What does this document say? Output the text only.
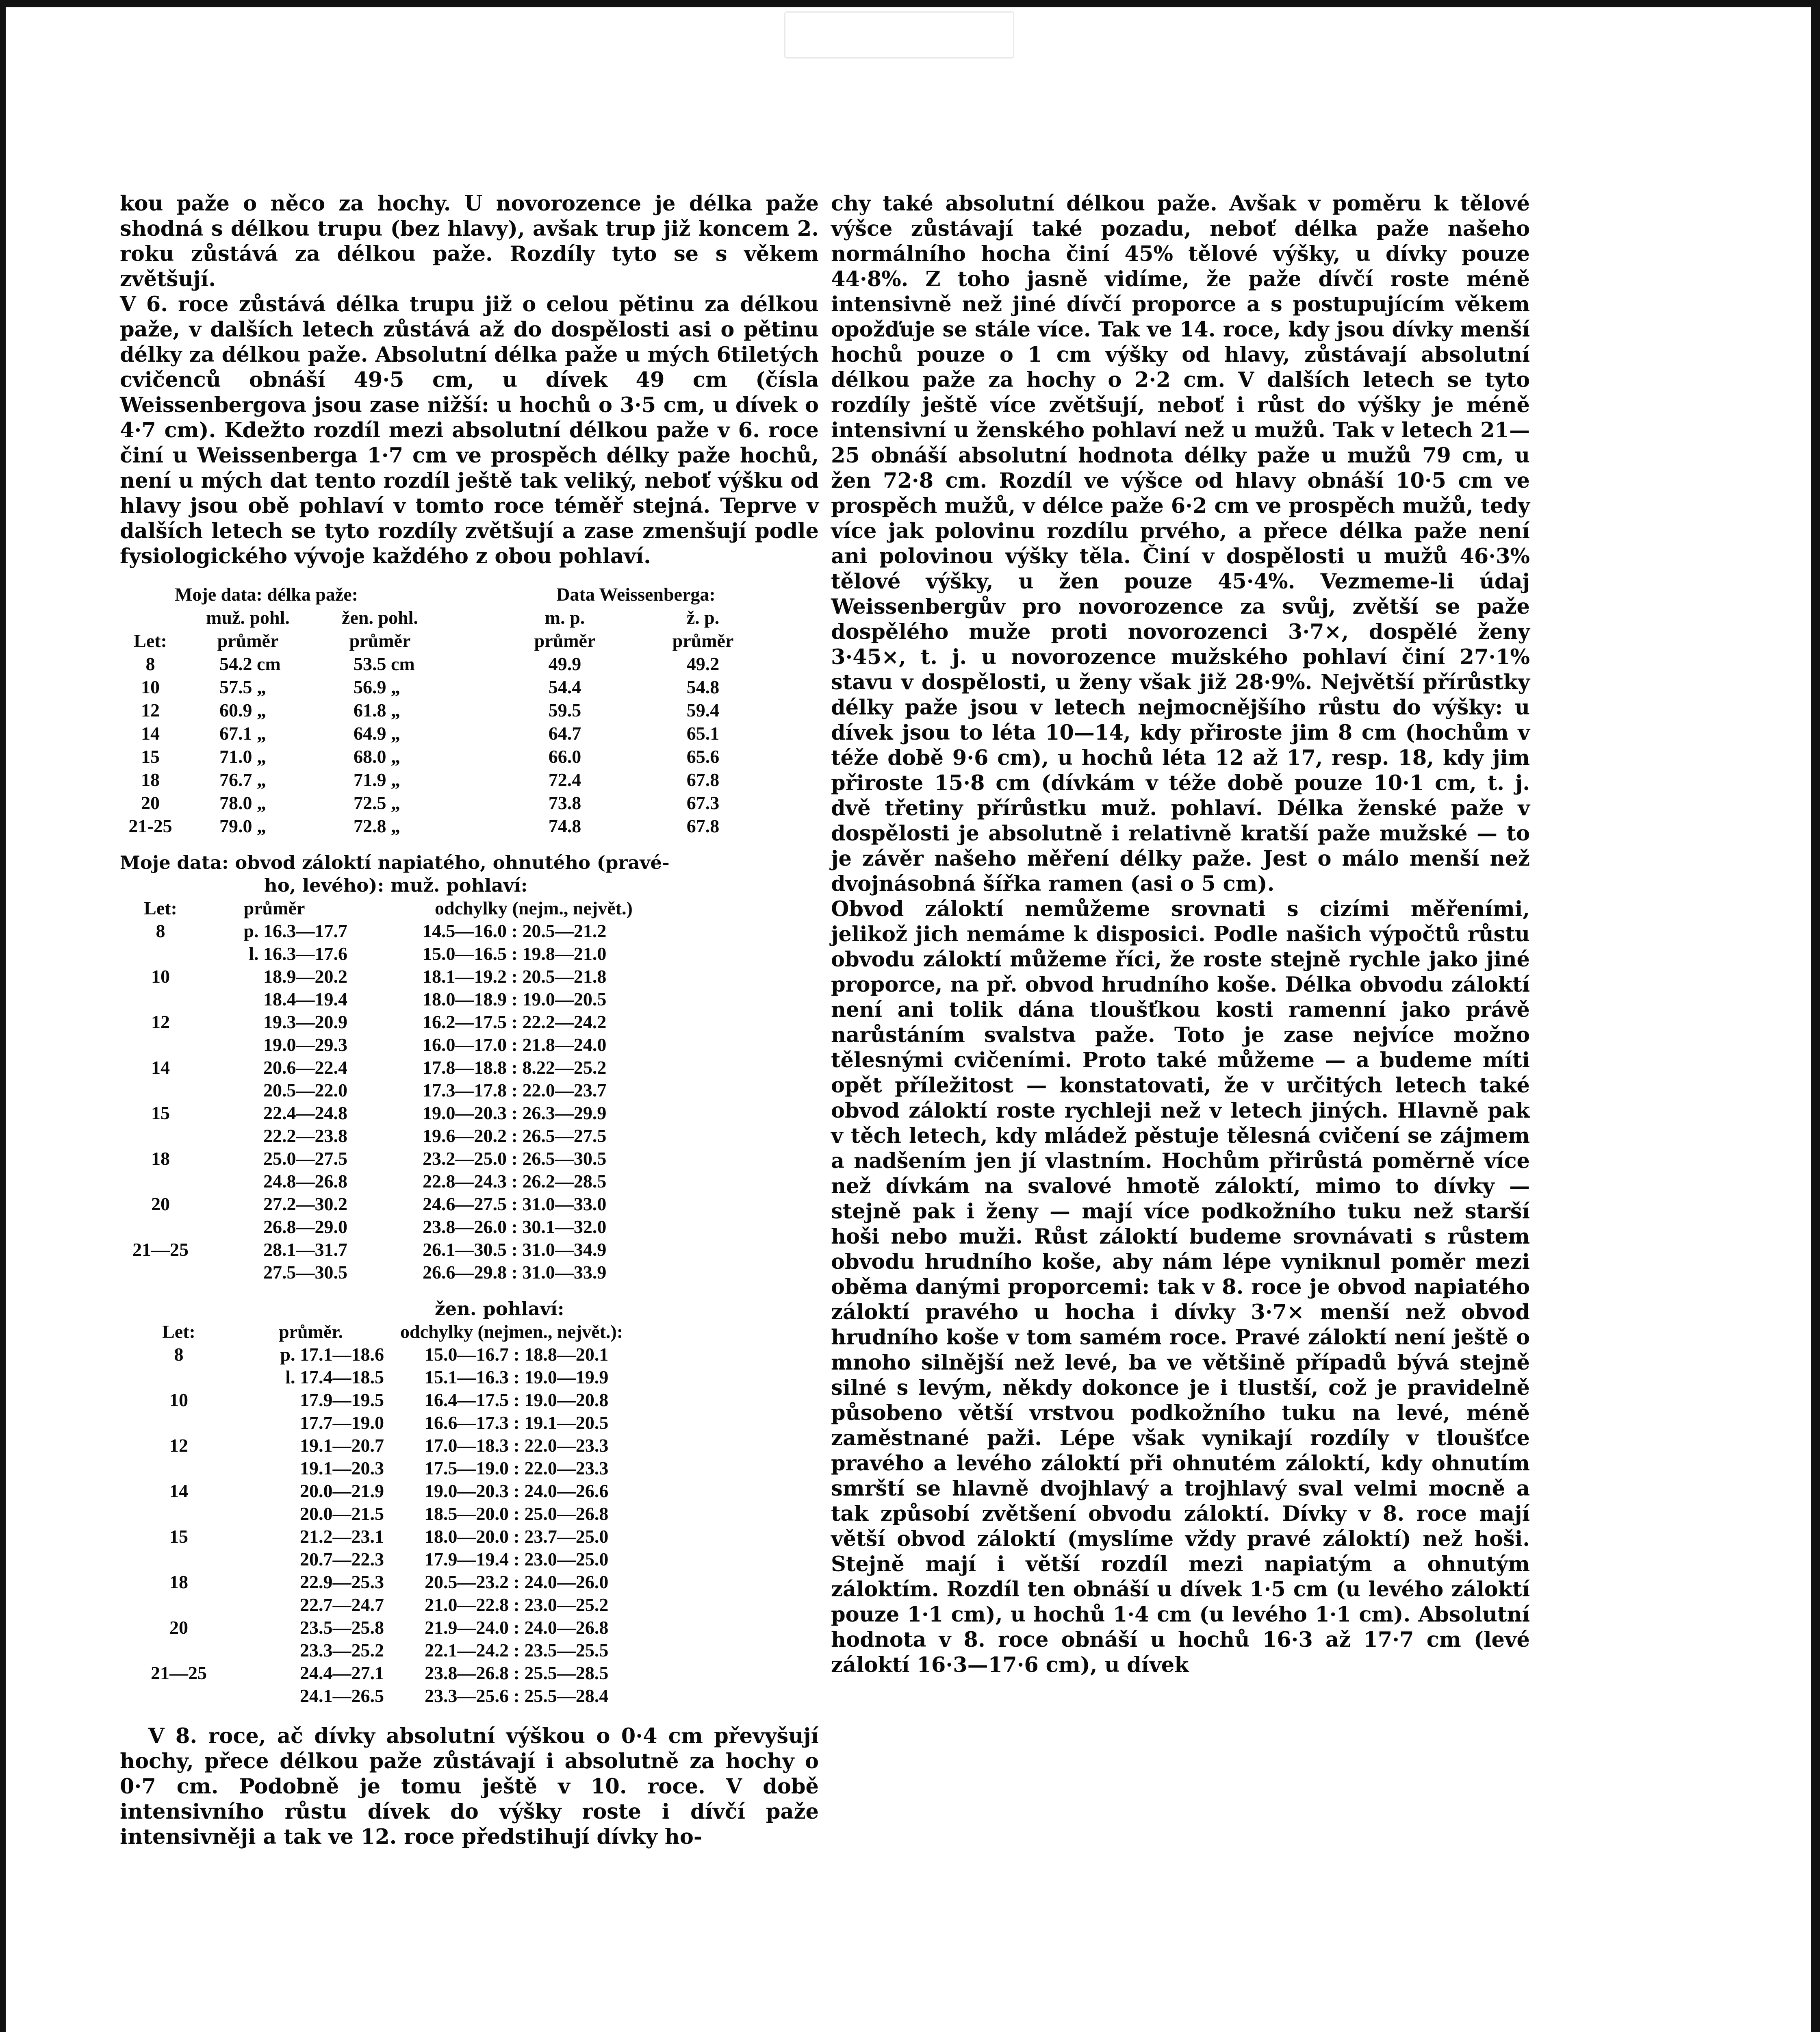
kou paže o něco za hochy. U novorozence je délka paže shodná s délkou trupu (bez hlavy), avšak trup již koncem 2. roku zůstává za délkou paže. Rozdíly tyto se s věkem zvětšují.

V 6. roce zůstává délka trupu již o celou pětinu za délkou paže, v dalších letech zůstává až do dospělosti asi o pětinu délky za délkou paže. Absolutní délka paže u mých 6tiletých cvičenců obnáší 49·5 cm, u dívek 49 cm (čísla Weissenbergova jsou zase nižší: u hochů o 3·5 cm, u dívek o 4·7 cm). Kdežto rozdíl mezi absolutní délkou paže v 6. roce činí u Weissenberga 1·7 cm ve prospěch délky paže hochů, není u mých dat tento rozdíl ještě tak veliký, neboť výšku od hlavy jsou obě pohlaví v tomto roce téměř stejná. Teprve v dalších letech se tyto rozdíly zvětšují a zase zmenšují podle fysiologického vývoje každého z obou pohlaví.

Moje data: délka paže:				Data Weissenberga:	
	muž. pohl.	žen. pohl.		m. p.	ž. p.
Let:	průměr	průměr		průměr	průměr
8	54.2 cm	53.5 cm		49.9	49.2
10	57.5 „	56.9 „		54.4	54.8
12	60.9 „	61.8 „		59.5	59.4
14	67.1 „	64.9 „		64.7	65.1
15	71.0 „	68.0 „		66.0	65.6
18	76.7 „	71.9 „		72.4	67.8
20	78.0 „	72.5 „		73.8	67.3
21-25	79.0 „	72.8 „		74.8	67.8
Moje data: obvod záloktí napiatého, ohnutého (pravé-
ho, levého): muž. pohlaví:
Let:	průměr		odchylky (nejm., největ.)
8	p. 16.3—17.7		14.5—16.0 : 20.5—21.2
	l. 16.3—17.6		15.0—16.5 : 19.8—21.0
10	18.9—20.2		18.1—19.2 : 20.5—21.8
	18.4—19.4		18.0—18.9 : 19.0—20.5
12	19.3—20.9		16.2—17.5 : 22.2—24.2
	19.0—29.3		16.0—17.0 : 21.8—24.0
14	20.6—22.4		17.8—18.8 : 8.22—25.2
	20.5—22.0		17.3—17.8 : 22.0—23.7
15	22.4—24.8		19.0—20.3 : 26.3—29.9
	22.2—23.8		19.6—20.2 : 26.5—27.5
18	25.0—27.5		23.2—25.0 : 26.5—30.5
	24.8—26.8		22.8—24.3 : 26.2—28.5
20	27.2—30.2		24.6—27.5 : 31.0—33.0
	26.8—29.0		23.8—26.0 : 30.1—32.0
21—25	28.1—31.7		26.1—30.5 : 31.0—34.9
	27.5—30.5		26.6—29.8 : 31.0—33.9
žen. pohlaví:
Let:	průměr.	odchylky (nejmen., největ.):
8	p. 17.1—18.6	15.0—16.7 : 18.8—20.1
	l. 17.4—18.5	15.1—16.3 : 19.0—19.9
10	17.9—19.5	16.4—17.5 : 19.0—20.8
	17.7—19.0	16.6—17.3 : 19.1—20.5
12	19.1—20.7	17.0—18.3 : 22.0—23.3
	19.1—20.3	17.5—19.0 : 22.0—23.3
14	20.0—21.9	19.0—20.3 : 24.0—26.6
	20.0—21.5	18.5—20.0 : 25.0—26.8
15	21.2—23.1	18.0—20.0 : 23.7—25.0
	20.7—22.3	17.9—19.4 : 23.0—25.0
18	22.9—25.3	20.5—23.2 : 24.0—26.0
	22.7—24.7	21.0—22.8 : 23.0—25.2
20	23.5—25.8	21.9—24.0 : 24.0—26.8
	23.3—25.2	22.1—24.2 : 23.5—25.5
21—25	24.4—27.1	23.8—26.8 : 25.5—28.5
	24.1—26.5	23.3—25.6 : 25.5—28.4

V 8. roce, ač dívky absolutní výškou o 0·4 cm převyšují hochy, přece délkou paže zůstávají i absolutně za hochy o 0·7 cm. Podobně je tomu ještě v 10. roce. V době intensivního růstu dívek do výšky roste i dívčí paže intensivněji a tak ve 12. roce předstihují dívky ho-

chy také absolutní délkou paže. Avšak v poměru k tělové výšce zůstávají také pozadu, neboť délka paže našeho normálního hocha činí 45% tělové výšky, u dívky pouze 44·8%. Z toho jasně vidíme, že paže dívčí roste méně intensivně než jiné dívčí proporce a s postupujícím věkem opožďuje se stále více. Tak ve 14. roce, kdy jsou dívky menší hochů pouze o 1 cm výšky od hlavy, zůstávají absolutní délkou paže za hochy o 2·2 cm. V dalších letech se tyto rozdíly ještě více zvětšují, neboť i růst do výšky je méně intensivní u ženského pohlaví než u mužů. Tak v letech 21—25 obnáší absolutní hodnota délky paže u mužů 79 cm, u žen 72·8 cm. Rozdíl ve výšce od hlavy obnáší 10·5 cm ve prospěch mužů, v délce paže 6·2 cm ve prospěch mužů, tedy více jak polovinu rozdílu prvého, a přece délka paže není ani polovinou výšky těla. Činí v dospělosti u mužů 46·3% tělové výšky, u žen pouze 45·4%. Vezmeme-li údaj Weissenbergův pro novorozence za svůj, zvětší se paže dospělého muže proti novorozenci 3·7×, dospělé ženy 3·45×, t. j. u novorozence mužského pohlaví činí 27·1% stavu v dospělosti, u ženy však již 28·9%. Největší přírůstky délky paže jsou v letech nejmocnějšího růstu do výšky: u dívek jsou to léta 10—14, kdy přiroste jim 8 cm (hochům v téže době 9·6 cm), u hochů léta 12 až 17, resp. 18, kdy jim přiroste 15·8 cm (dívkám v téže době pouze 10·1 cm, t. j. dvě třetiny přírůstku muž. pohlaví. Délka ženské paže v dospělosti je absolutně i relativně kratší paže mužské — to je závěr našeho měření délky paže. Jest o málo menší než dvojnásobná šířka ramen (asi o 5 cm).

Obvod záloktí nemůžeme srovnati s cizími měřeními, jelikož jich nemáme k disposici. Podle našich výpočtů růstu obvodu záloktí můžeme říci, že roste stejně rychle jako jiné proporce, na př. obvod hrudního koše. Délka obvodu záloktí není ani tolik dána tloušťkou kosti ramenní jako právě narůstáním svalstva paže. Toto je zase nejvíce možno tělesnými cvičeními. Proto také můžeme — a budeme míti opět příležitost — konstatovati, že v určitých letech také obvod záloktí roste rychleji než v letech jiných. Hlavně pak v těch letech, kdy mládež pěstuje tělesná cvičení se zájmem a nadšením jen jí vlastním. Hochům přirůstá poměrně více než dívkám na svalové hmotě záloktí, mimo to dívky — stejně pak i ženy — mají více podkožního tuku než starší hoši nebo muži. Růst záloktí budeme srovnávati s růstem obvodu hrudního koše, aby nám lépe vyniknul poměr mezi oběma danými proporcemi: tak v 8. roce je obvod napiatého záloktí pravého u hocha i dívky 3·7× menší než obvod hrudního koše v tom samém roce. Pravé záloktí není ještě o mnoho silnější než levé, ba ve většině případů bývá stejně silné s levým, někdy dokonce je i tlustší, což je pravidelně působeno větší vrstvou podkožního tuku na levé, méně zaměstnané paži. Lépe však vynikají rozdíly v tloušťce pravého a levého záloktí při ohnutém záloktí, kdy ohnutím smrští se hlavně dvojhlavý a trojhlavý sval velmi mocně a tak způsobí zvětšení obvodu záloktí. Dívky v 8. roce mají větší obvod záloktí (myslíme vždy pravé záloktí) než hoši. Stejně mají i větší rozdíl mezi napiatým a ohnutým záloktím. Rozdíl ten obnáší u dívek 1·5 cm (u levého záloktí pouze 1·1 cm), u hochů 1·4 cm (u levého 1·1 cm). Absolutní hodnota v 8. roce obnáší u hochů 16·3 až 17·7 cm (levé záloktí 16·3—17·6 cm), u dívek
